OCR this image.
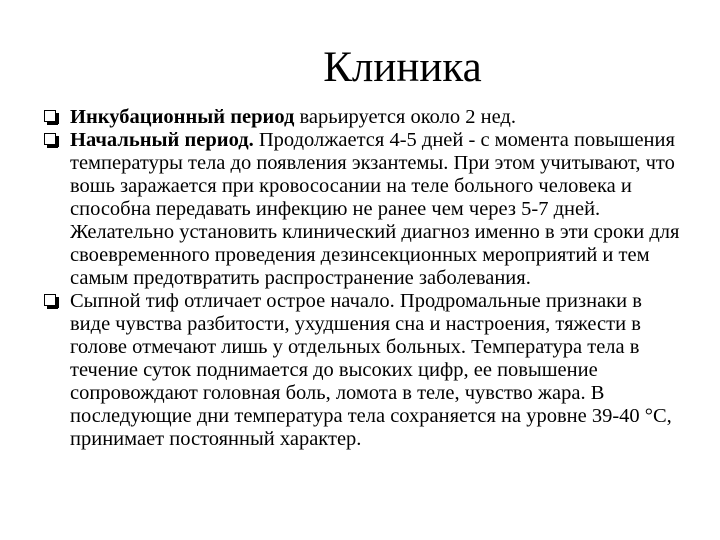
Клиника

Инкубационный период варьируется около 2 нед.

Начальный период. Продолжается 4-5 дней - с момента повышения температуры тела до появления экзантемы. При этом учитывают, что вошь заражается при кровососании на теле больного человека и способна передавать инфекцию не ранее чем через 5-7 дней. Желательно установить клинический диагноз именно в эти сроки для своевременного проведения дезинсекционных мероприятий и тем самым предотвратить распространение заболевания.

Сыпной тиф отличает острое начало. Продромальные признаки в виде чувства разбитости, ухудшения сна и настроения, тяжести в голове отмечают лишь у отдельных больных. Температура тела в течение суток поднимается до высоких цифр, ее повышение сопровождают головная боль, ломота в теле, чувство жара. В последующие дни температура тела сохраняется на уровне 39-40 °С, принимает постоянный характер.
